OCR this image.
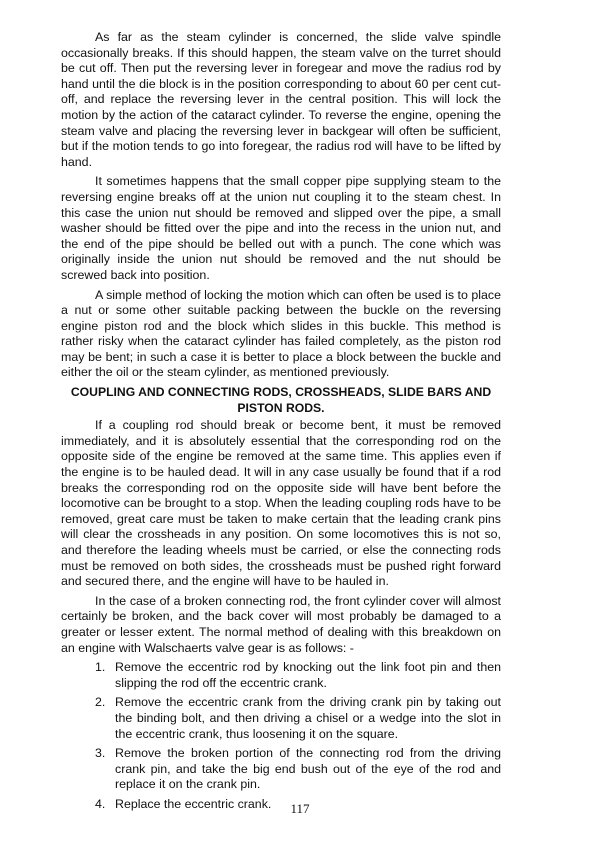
As far as the steam cylinder is concerned, the slide valve spindle occasionally breaks. If this should happen, the steam valve on the turret should be cut off. Then put the reversing lever in foregear and move the radius rod by hand until the die block is in the position corresponding to about 60 per cent cut-off, and replace the reversing lever in the central position. This will lock the motion by the action of the cataract cylinder. To reverse the engine, opening the steam valve and placing the reversing lever in backgear will often be sufficient, but if the motion tends to go into foregear, the radius rod will have to be lifted by hand.

It sometimes happens that the small copper pipe supplying steam to the reversing engine breaks off at the union nut coupling it to the steam chest. In this case the union nut should be removed and slipped over the pipe, a small washer should be fitted over the pipe and into the recess in the union nut, and the end of the pipe should be belled out with a punch. The cone which was originally inside the union nut should be removed and the nut should be screwed back into position.

A simple method of locking the motion which can often be used is to place a nut or some other suitable packing between the buckle on the reversing engine piston rod and the block which slides in this buckle. This method is rather risky when the cataract cylinder has failed completely, as the piston rod may be bent; in such a case it is better to place a block between the buckle and either the oil or the steam cylinder, as mentioned previously.

COUPLING AND CONNECTING RODS, CROSSHEADS, SLIDE BARS AND PISTON RODS.

If a coupling rod should break or become bent, it must be removed immediately, and it is absolutely essential that the corresponding rod on the opposite side of the engine be removed at the same time. This applies even if the engine is to be hauled dead. It will in any case usually be found that if a rod breaks the corresponding rod on the opposite side will have bent before the locomotive can be brought to a stop. When the leading coupling rods have to be removed, great care must be taken to make certain that the leading crank pins will clear the crossheads in any position. On some locomotives this is not so, and therefore the leading wheels must be carried, or else the connecting rods must be removed on both sides, the crossheads must be pushed right forward and secured there, and the engine will have to be hauled in.

In the case of a broken connecting rod, the front cylinder cover will almost certainly be broken, and the back cover will most probably be damaged to a greater or lesser extent. The normal method of dealing with this breakdown on an engine with Walschaerts valve gear is as follows: -

1. Remove the eccentric rod by knocking out the link foot pin and then slipping the rod off the eccentric crank.
2. Remove the eccentric crank from the driving crank pin by taking out the binding bolt, and then driving a chisel or a wedge into the slot in the eccentric crank, thus loosening it on the square.
3. Remove the broken portion of the connecting rod from the driving crank pin, and take the big end bush out of the eye of the rod and replace it on the crank pin.
4. Replace the eccentric crank.	117
